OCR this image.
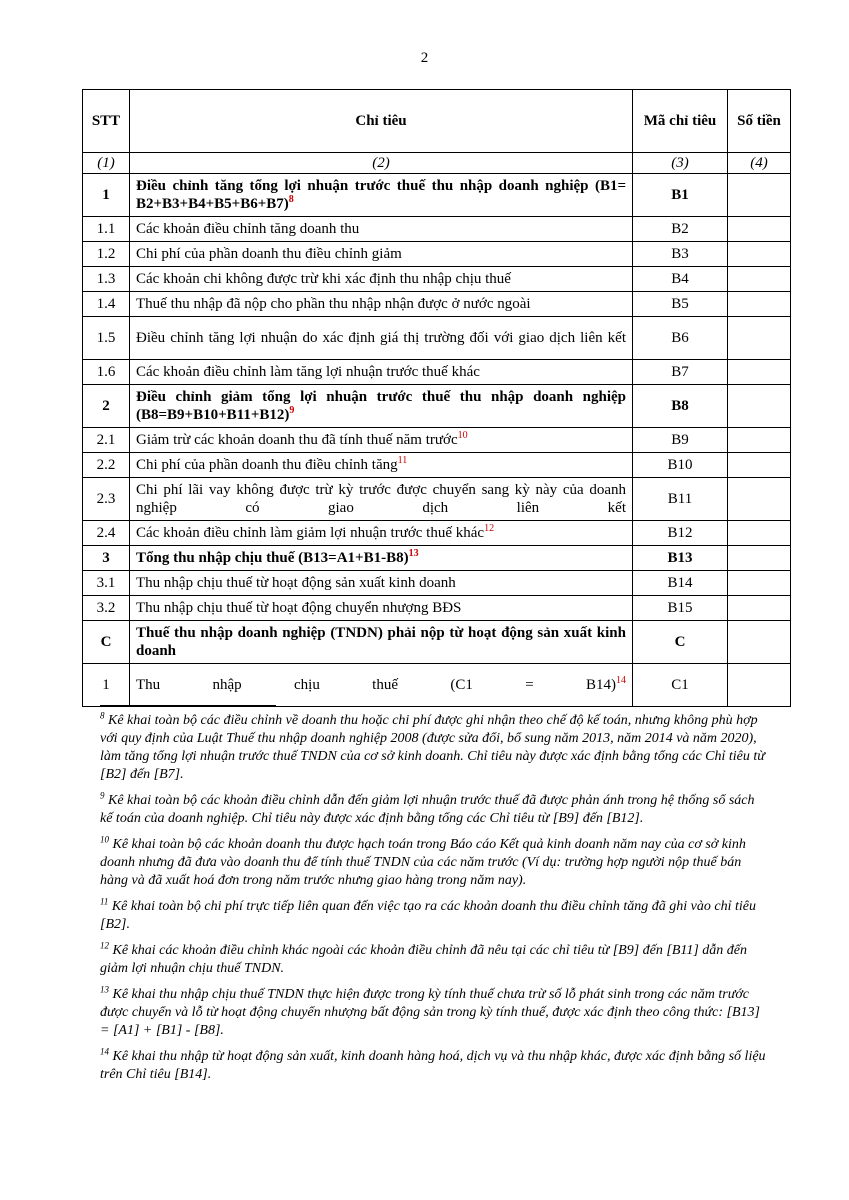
2
STT	Chỉ tiêu	Mã chỉ tiêu	Số tiền
(1)	(2)	(3)	(4)
1	Điều chỉnh tăng tổng lợi nhuận trước thuế thu nhập doanh nghiệp (B1= B2+B3+B4+B5+B6+B7)$^8$	B1	
1.1	Các khoản điều chỉnh tăng doanh thu	B2	
1.2	Chi phí của phần doanh thu điều chỉnh giảm	B3	
1.3	Các khoản chi không được trừ khi xác định thu nhập chịu thuế	B4	
1.4	Thuế thu nhập đã nộp cho phần thu nhập nhận được ở nước ngoài	B5	
1.5	Điều chỉnh tăng lợi nhuận do xác định giá thị trường đối với giao dịch liên kết	B6	
1.6	Các khoản điều chỉnh làm tăng lợi nhuận trước thuế khác	B7	
2	Điều chỉnh giảm tổng lợi nhuận trước thuế thu nhập doanh nghiệp (B8=B9+B10+B11+B12)$^9$	B8	
2.1	Giảm trừ các khoản doanh thu đã tính thuế năm trước$^{10}$	B9	
2.2	Chi phí của phần doanh thu điều chỉnh tăng$^{11}$	B10	
2.3	Chi phí lãi vay không được trừ kỳ trước được chuyển sang kỳ này của doanh nghiệp có giao dịch liên kết	B11	
2.4	Các khoản điều chỉnh làm giảm lợi nhuận trước thuế khác$^{12}$	B12	
3	Tổng thu nhập chịu thuế (B13=A1+B1-B8)$^{13}$	B13	
3.1	Thu nhập chịu thuế từ hoạt động sản xuất kinh doanh	B14	
3.2	Thu nhập chịu thuế từ hoạt động chuyển nhượng BĐS	B15	
C	Thuế thu nhập doanh nghiệp (TNDN) phải nộp từ hoạt động sản xuất kinh doanh	C	
1	Thu nhập chịu thuế (C1 = B14)$^{14}$	C1	

$^8$ Kê khai toàn bộ các điều chỉnh về doanh thu hoặc chi phí được ghi nhận theo chế độ kế toán, nhưng không phù hợp với quy định của Luật Thuế thu nhập doanh nghiệp 2008 (được sửa đổi, bổ sung năm 2013, năm 2014 và năm 2020), làm tăng tổng lợi nhuận trước thuế TNDN của cơ sở kinh doanh. Chỉ tiêu này được xác định bằng tổng các Chỉ tiêu từ [B2] đến [B7].

$^9$ Kê khai toàn bộ các khoản điều chỉnh dẫn đến giảm lợi nhuận trước thuế đã được phản ánh trong hệ thống sổ sách kế toán của doanh nghiệp. Chỉ tiêu này được xác định bằng tổng các Chỉ tiêu từ [B9] đến [B12].

$^{10}$ Kê khai toàn bộ các khoản doanh thu được hạch toán trong Báo cáo Kết quả kinh doanh năm nay của cơ sở kinh doanh nhưng đã đưa vào doanh thu để tính thuế TNDN của các năm trước (Ví dụ: trường hợp người nộp thuế bán hàng và đã xuất hoá đơn trong năm trước nhưng giao hàng trong năm nay).

$^{11}$ Kê khai toàn bộ chi phí trực tiếp liên quan đến việc tạo ra các khoản doanh thu điều chỉnh tăng đã ghi vào chỉ tiêu [B2].

$^{12}$ Kê khai các khoản điều chỉnh khác ngoài các khoản điều chỉnh đã nêu tại các chỉ tiêu từ [B9] đến [B11] dẫn đến giảm lợi nhuận chịu thuế TNDN.

$^{13}$ Kê khai thu nhập chịu thuế TNDN thực hiện được trong kỳ tính thuế chưa trừ số lỗ phát sinh trong các năm trước được chuyển và lỗ từ hoạt động chuyển nhượng bất động sản trong kỳ tính thuế, được xác định theo công thức: [B13] = [A1] + [B1] - [B8].

$^{14}$ Kê khai thu nhập từ hoạt động sản xuất, kinh doanh hàng hoá, dịch vụ và thu nhập khác, được xác định bằng số liệu trên Chỉ tiêu [B14].
